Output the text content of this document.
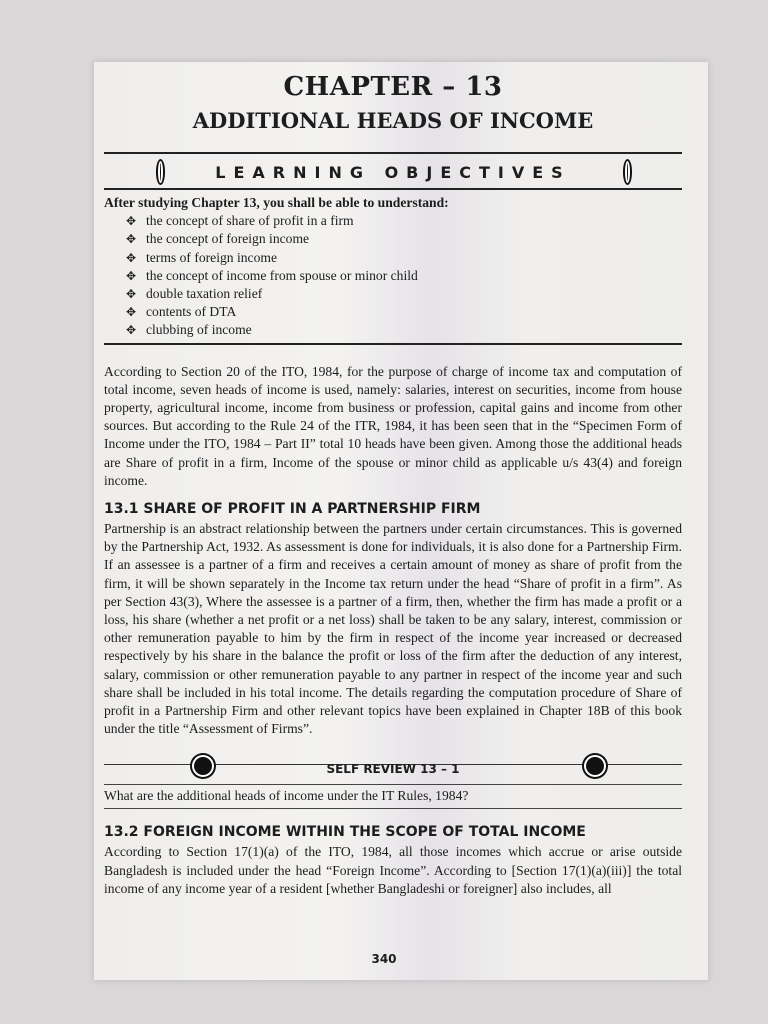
CHAPTER – 13
ADDITIONAL HEADS OF INCOME
LEARNING OBJECTIVES
After studying Chapter 13, you shall be able to understand:
✥ the concept of share of profit in a firm
✥ the concept of foreign income
✥ terms of foreign income
✥ the concept of income from spouse or minor child
✥ double taxation relief
✥ contents of DTA
✥ clubbing of income

According to Section 20 of the ITO, 1984, for the purpose of charge of income tax and computation of total income, seven heads of income is used, namely: salaries, interest on securities, income from house property, agricultural income, income from business or profession, capital gains and income from other sources. But according to the Rule 24 of the ITR, 1984, it has been seen that in the “Specimen Form of Income under the ITO, 1984 – Part II” total 10 heads have been given. Among those the additional heads are Share of profit in a firm, Income of the spouse or minor child as applicable u/s 43(4) and foreign income.

13.1 SHARE OF PROFIT IN A PARTNERSHIP FIRM

Partnership is an abstract relationship between the partners under certain circumstances. This is governed by the Partnership Act, 1932. As assessment is done for individuals, it is also done for a Partnership Firm. If an assessee is a partner of a firm and receives a certain amount of money as share of profit from the firm, it will be shown separately in the Income tax return under the head “Share of profit in a firm”. As per Section 43(3), Where the assessee is a partner of a firm, then, whether the firm has made a profit or a loss, his share (whether a net profit or a net loss) shall be taken to be any salary, interest, commission or other remuneration payable to him by the firm in respect of the income year increased or decreased respectively by his share in the balance the profit or loss of the firm after the deduction of any interest, salary, commission or other remuneration payable to any partner in respect of the income year and such share shall be included in his total income. The details regarding the computation procedure of Share of profit in a Partnership Firm and other relevant topics have been explained in Chapter 18B of this book under the title “Assessment of Firms”.

SELF REVIEW 13 – 1
What are the additional heads of income under the IT Rules, 1984?
13.2 FOREIGN INCOME WITHIN THE SCOPE OF TOTAL INCOME

According to Section 17(1)(a) of the ITO, 1984, all those incomes which accrue or arise outside Bangladesh is included under the head “Foreign Income”. According to [Section 17(1)(a)(iii)] the total income of any income year of a resident [whether Bangladeshi or foreigner] also includes, all

340
